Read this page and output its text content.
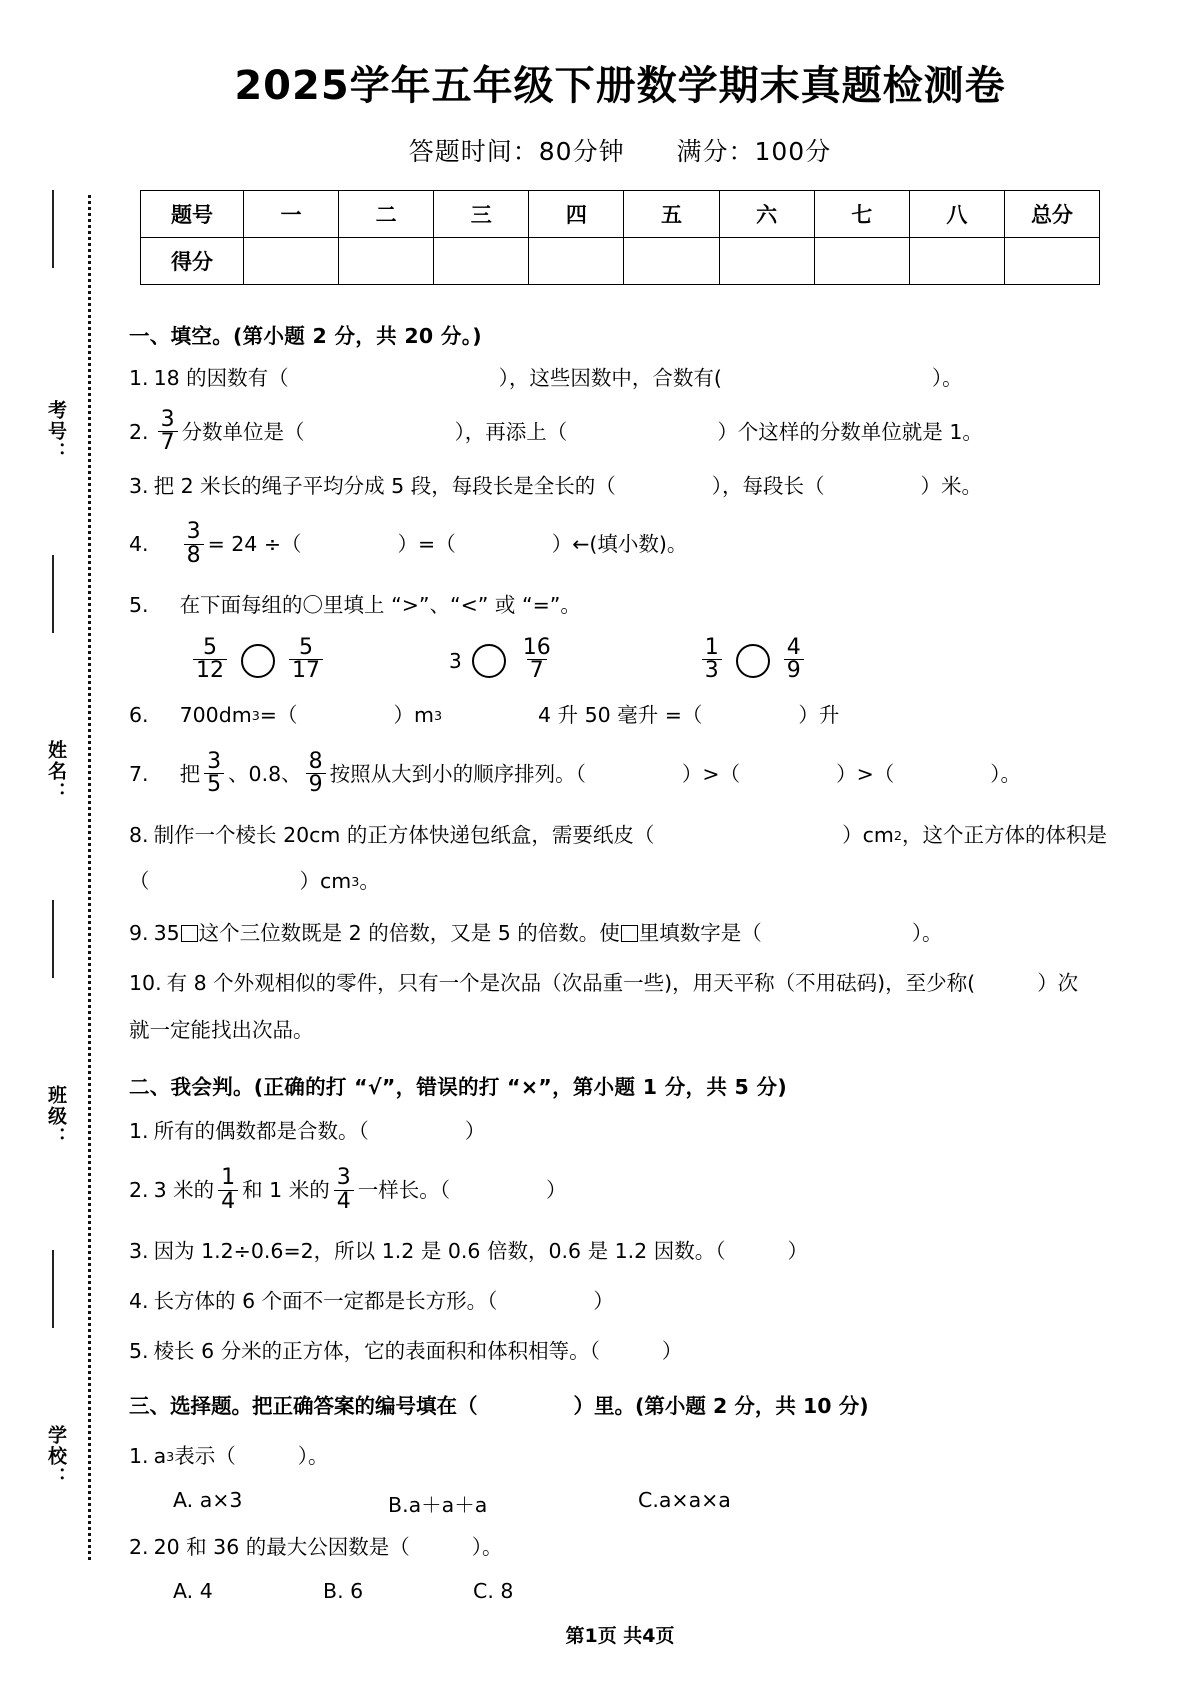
考号：
姓名：
班级：
学校：
2025学年五年级下册数学期末真题检测卷
答题时间：80分钟 满分：100分
题号	一	二	三	四	五	六	七	八	总分
得分									
一、填空。(第小题 2 分，共 20 分。)
1. 18 的因数有（	），这些因数中，合数有(	）。
2. $\frac{3}{7}$ 分数单位是（	），再添上（	）个这样的分数单位就是 1。
3. 把 2 米长的绳子平均分成 5 段，每段长是全长的（	），每段长（	）米。
4. $\frac{3}{8} = 24$ ÷（	）=（	）←(填小数)。
5. 在下面每组的〇里填上 “>”、“<” 或 “=”。
$\frac{5}{12}$	$\frac{5}{17}$	3	$\frac{16}{7}$	$\frac{1}{3}$	$\frac{4}{9}$
6. 700dm 3 =（	）m 3	4 升 50 毫升 =（	）升
7. 把 $\frac{3}{5}$ 、0.8、 $\frac{8}{9}$ 按照从大到小的顺序排列。（	）>（	）>（	）。
8. 制作一个棱长 20cm 的正方体快递包纸盒，需要纸皮（	）cm 2 ，这个正方体的体积是
（	）cm 3 。
9. 35 这个三位数既是 2 的倍数，又是 5 的倍数。使 里填数字是（	）。
10. 有 8 个外观相似的零件，只有一个是次品（次品重一些)，用天平称（不用砝码)，至少称(	）次
就一定能找出次品。
二、我会判。(正确的打 “√”，错误的打 “×”，第小题 1 分，共 5 分)
1. 所有的偶数都是合数。（	）
2. 3 米的 $\frac{1}{4}$ 和 1 米的 $\frac{3}{4}$ 一样长。（	）
3. 因为 1.2÷0.6=2，所以 1.2 是 0.6 倍数，0.6 是 1.2 因数。（	）
4. 长方体的 6 个面不一定都是长方形。（	）
5. 棱长 6 分米的正方体，它的表面积和体积相等。（	）
三、选择题。把正确答案的编号填在（	）里。(第小题 2 分，共 10 分)
1. a 3 表示（	）。
A. a×3	B.a＋a＋a	C.a×a×a
2. 20 和 36 的最大公因数是（	）。
A. 4	B. 6	C. 8
第1页 共4页
